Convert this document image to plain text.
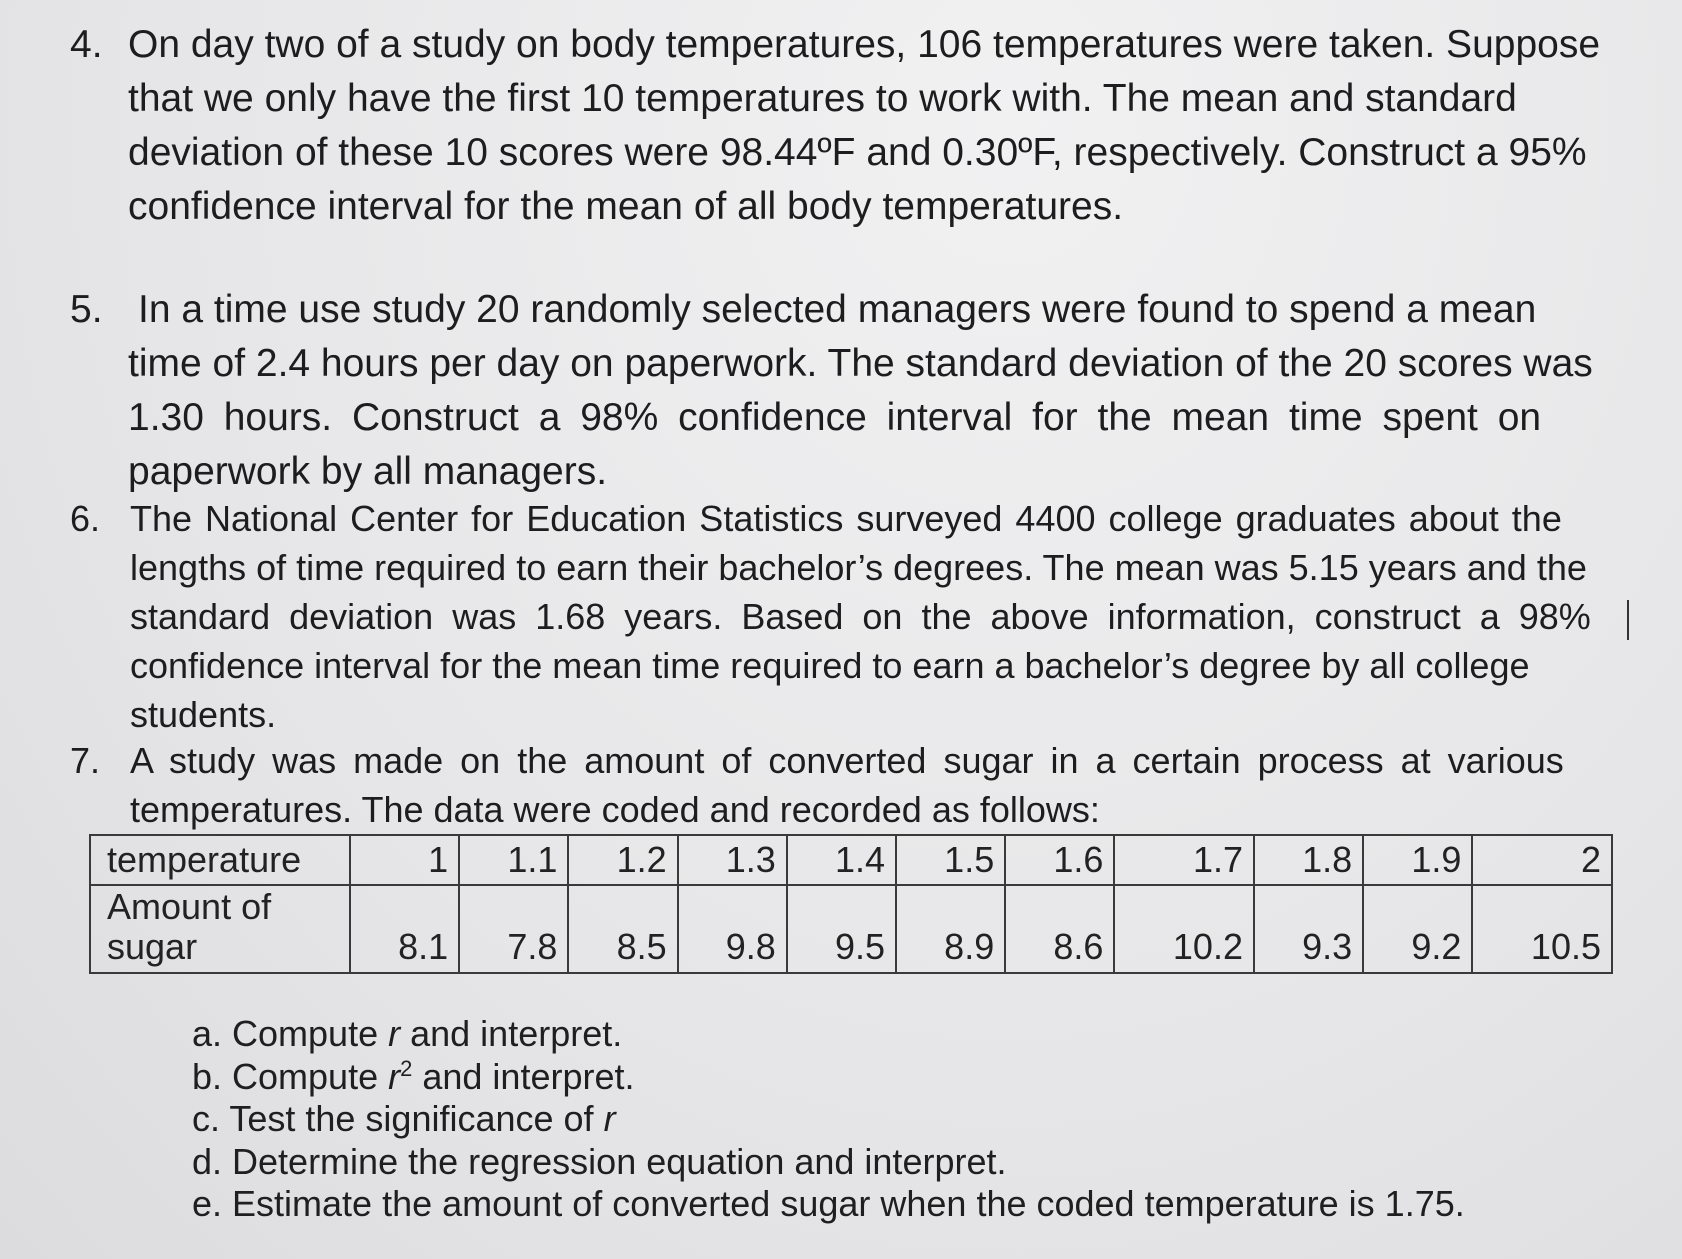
4. On day two of a study on body temperatures, 106 temperatures were taken. Suppose
that we only have the first 10 temperatures to work with. The mean and standard
deviation of these 10 scores were 98.44ºF and 0.30ºF, respectively. Construct a 95%
confidence interval for the mean of all body temperatures.
5. In a time use study 20 randomly selected managers were found to spend a mean
time of 2.4 hours per day on paperwork. The standard deviation of the 20 scores was
1.30 hours. Construct a 98% confidence interval for the mean time spent on
paperwork by all managers.
6. The National Center for Education Statistics surveyed 4400 college graduates about the
lengths of time required to earn their bachelor’s degrees. The mean was 5.15 years and the
standard deviation was 1.68 years. Based on the above information, construct a 98%
confidence interval for the mean time required to earn a bachelor’s degree by all college
students.
7. A study was made on the amount of converted sugar in a certain process at various
temperatures. The data were coded and recorded as follows:
temperature	1	1.1	1.2	1.3	1.4	1.5	1.6	1.7	1.8	1.9	2

Amount of
sugar	8.1	7.8	8.5	9.8	9.5	8.9	8.6	10.2	9.3	9.2	10.5
a. Compute r and interpret.
b. Compute $r^2$ and interpret.
c. Test the significance of r
d. Determine the regression equation and interpret.
e. Estimate the amount of converted sugar when the coded temperature is 1.75.
